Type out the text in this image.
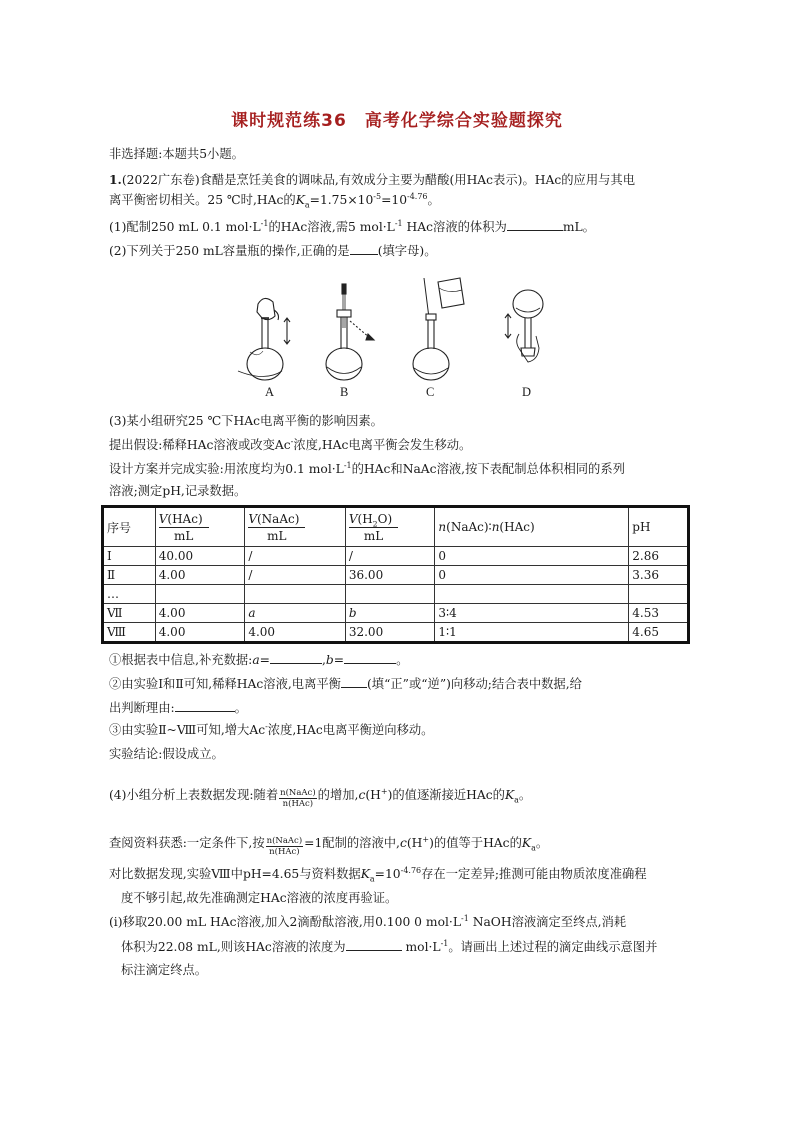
课时规范练36　高考化学综合实验题探究
非选择题:本题共5小题。
1.(2022广东卷)食醋是烹饪美食的调味品,有效成分主要为醋酸(用HAc表示)。HAc的应用与其电
离平衡密切相关。25 ℃时,HAc的$K_a=1.75\times 10^{-5}=10^{-4.76}$。
(1)配制250 mL 0.1 $mol\cdot L^{-1}$的HAc溶液,需5 $mol\cdot L^{-1}$ HAc溶液的体积为	mL。
(2)下列关于250 mL容量瓶的操作,正确的是 (填字母)。
A	B	C	D
(3)某小组研究25 ℃下HAc电离平衡的影响因素。
提出假设:稀释HAc溶液或改变Ac-浓度,HAc电离平衡会发生移动。
设计方案并完成实验:用浓度均为0.1 $mol\cdot L^{-1}$的HAc和NaAc溶液,按下表配制总体积相同的系列
溶液;测定pH,记录数据。
序号	$\frac{\text{V(HAc)}}{mL}$	$\frac{\text{V(NaAc)}}{mL}$	$\frac{V(H_2O)}{mL}$	n(NaAc)∶n(HAc)	pH
Ⅰ	40.00	/	/	0	2.86
Ⅱ	4.00	/	36.00	0	3.36
…					
Ⅶ	4.00	a	b	3∶4	4.53
Ⅷ	4.00	4.00	32.00	1∶1	4.65
①根据表中信息,补充数据:a=	,b=	。
②由实验Ⅰ和Ⅱ可知,稀释HAc溶液,电离平衡 (填“正”或“逆”)向移动;结合表中数据,给
出判断理由:	。
③由实验Ⅱ~Ⅷ可知,增大Ac-浓度,HAc电离平衡逆向移动。
实验结论:假设成立。
(4)小组分析上表数据发现:随着 $\frac{\text{n(NaAc)}}{\text{n(HAc)}}$ 的增加,c(H+)的值逐渐接近HAc的$K_a$。
查阅资料获悉:一定条件下,按 $\frac{\text{n(NaAc)}}{\text{n(HAc)}} =1$配制的溶液中,c(H+)的值等于HAc的$K_a$。
对比数据发现,实验Ⅷ中pH=4.65与资料数据$K_a=10^{-4.76}$存在一定差异;推测可能由物质浓度准确程
度不够引起,故先准确测定HAc溶液的浓度再验证。
(ⅰ)移取20.00 mL HAc溶液,加入2滴酚酞溶液,用0.100 0 $mol\cdot L^{-1}$ NaOH溶液滴定至终点,消耗
体积为22.08 mL,则该HAc溶液的浓度为	$mol\cdot L^{-1}$。请画出上述过程的滴定曲线示意图并
标注滴定终点。
